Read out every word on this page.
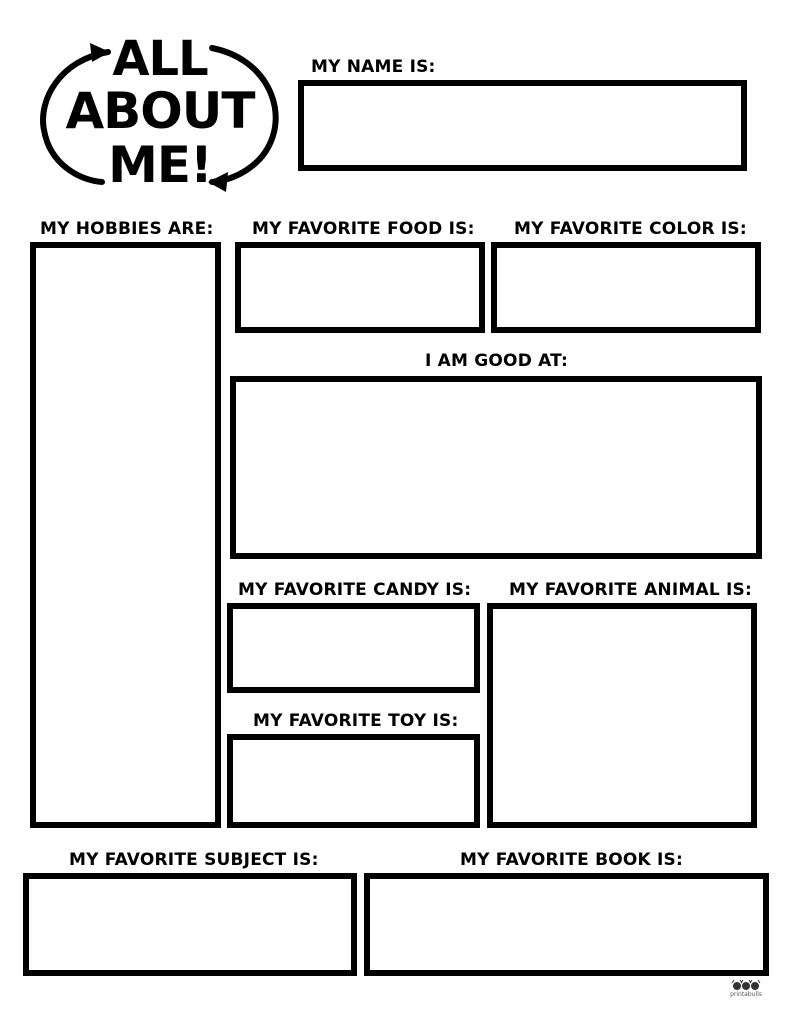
ALL
ABOUT
ME!
MY NAME IS:
MY HOBBIES ARE: MY FAVORITE FOOD IS: MY FAVORITE COLOR IS:
I AM GOOD AT:
MY FAVORITE CANDY IS: MY FAVORITE ANIMAL IS:
MY FAVORITE TOY IS:
MY FAVORITE SUBJECT IS:	MY FAVORITE BOOK IS:
printabulls
